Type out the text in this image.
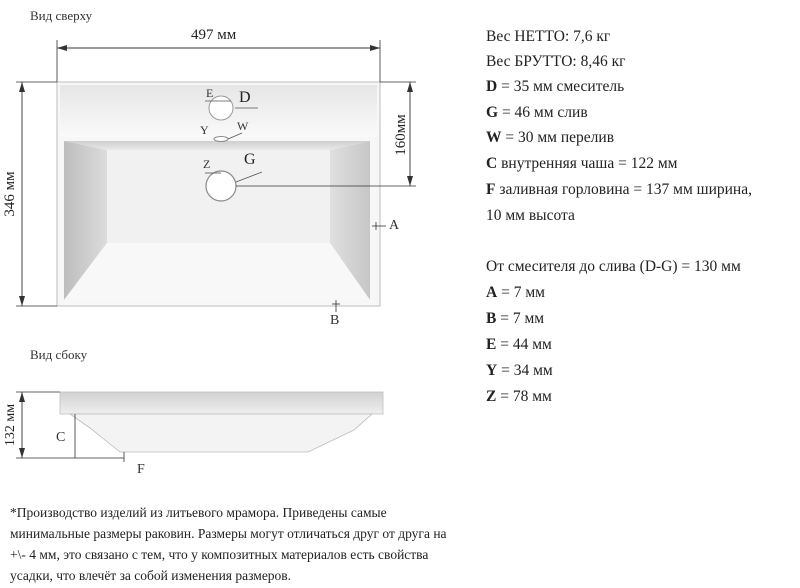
346 мм
160мм
132 мм
Вид сверху
Вид сбоку
497 мм
E D
Y W
Z G
A
B
C
F
Вес НЕТТО: 7,6 кг
Вес БРУТТО: 8,46 кг
D = 35 мм смеситель
G = 46 мм слив
W = 30 мм перелив
C внутренняя чаша = 122 мм
F заливная горловина = 137 мм ширина,
10 мм высота
От смесителя до слива (D-G) = 130 мм
A = 7 мм
B = 7 мм
E = 44 мм
Y = 34 мм
Z = 78 мм
*Производство изделий из литьевого мрамора. Приведены самые
минимальные размеры раковин. Размеры могут отличаться друг от друга на
+\- 4 мм, это связано с тем, что у композитных материалов есть свойства
усадки, что влечёт за собой изменения размеров.
